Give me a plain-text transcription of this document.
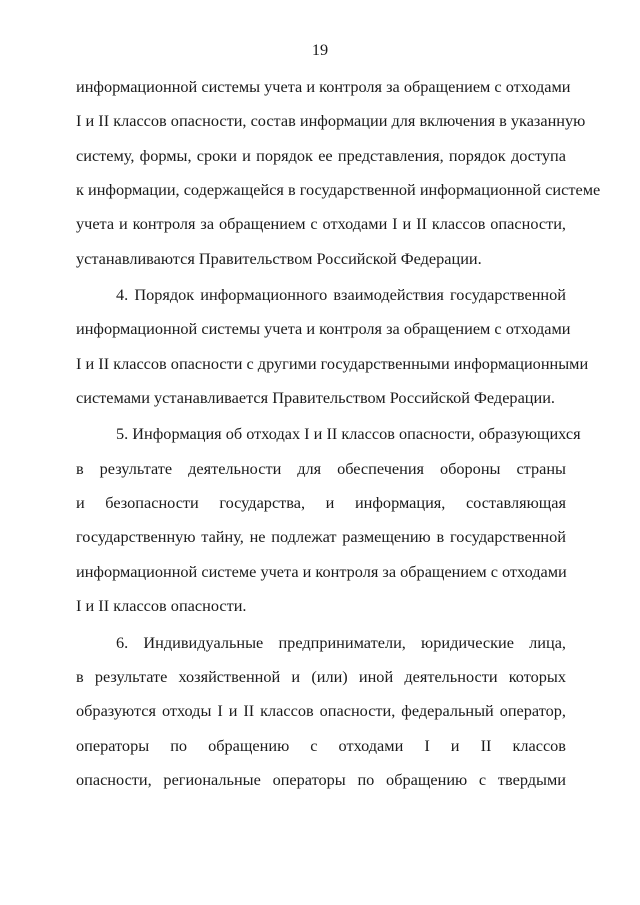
19
информационной системы учета и контроля за обращением с отходами
I и II классов опасности, состав информации для включения в указанную
систему, формы, сроки и порядок ее представления, порядок доступа
к информации, содержащейся в государственной информационной системе
учета и контроля за обращением с отходами I и II классов опасности,
устанавливаются Правительством Российской Федерации.
4. Порядок информационного взаимодействия государственной
информационной системы учета и контроля за обращением с отходами
I и II классов опасности с другими государственными информационными
системами устанавливается Правительством Российской Федерации.
5. Информация об отходах I и II классов опасности, образующихся
в результате деятельности для обеспечения обороны страны
и безопасности государства, и информация, составляющая
государственную тайну, не подлежат размещению в государственной
информационной системе учета и контроля за обращением с отходами
I и II классов опасности.
6. Индивидуальные предприниматели, юридические лица,
в результате хозяйственной и (или) иной деятельности которых
образуются отходы I и II классов опасности, федеральный оператор,
операторы по обращению с отходами I и II классов
опасности, региональные операторы по обращению с твердыми
